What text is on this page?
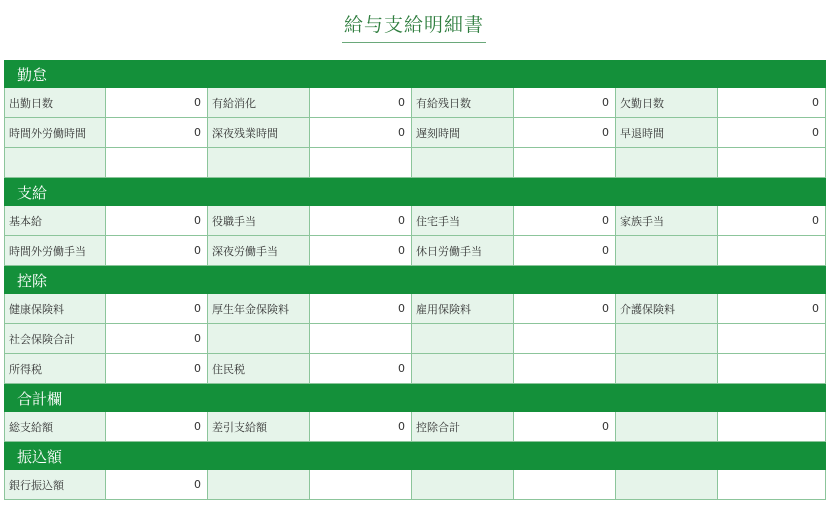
給与支給明細書
勤怠
出勤日数	0	有給消化	0	有給残日数	0	欠勤日数	0
時間外労働時間	0	深夜残業時間	0	遅刻時間	0	早退時間	0
支給
基本給	0	役職手当	0	住宅手当	0	家族手当	0
時間外労働手当	0	深夜労働手当	0	休日労働手当	0
控除
健康保険料	0	厚生年金保険料	0	雇用保険料	0	介護保険料	0
社会保険合計	0
所得税	0	住民税	0
合計欄
総支給額	0	差引支給額	0	控除合計	0
振込額
銀行振込額	0
